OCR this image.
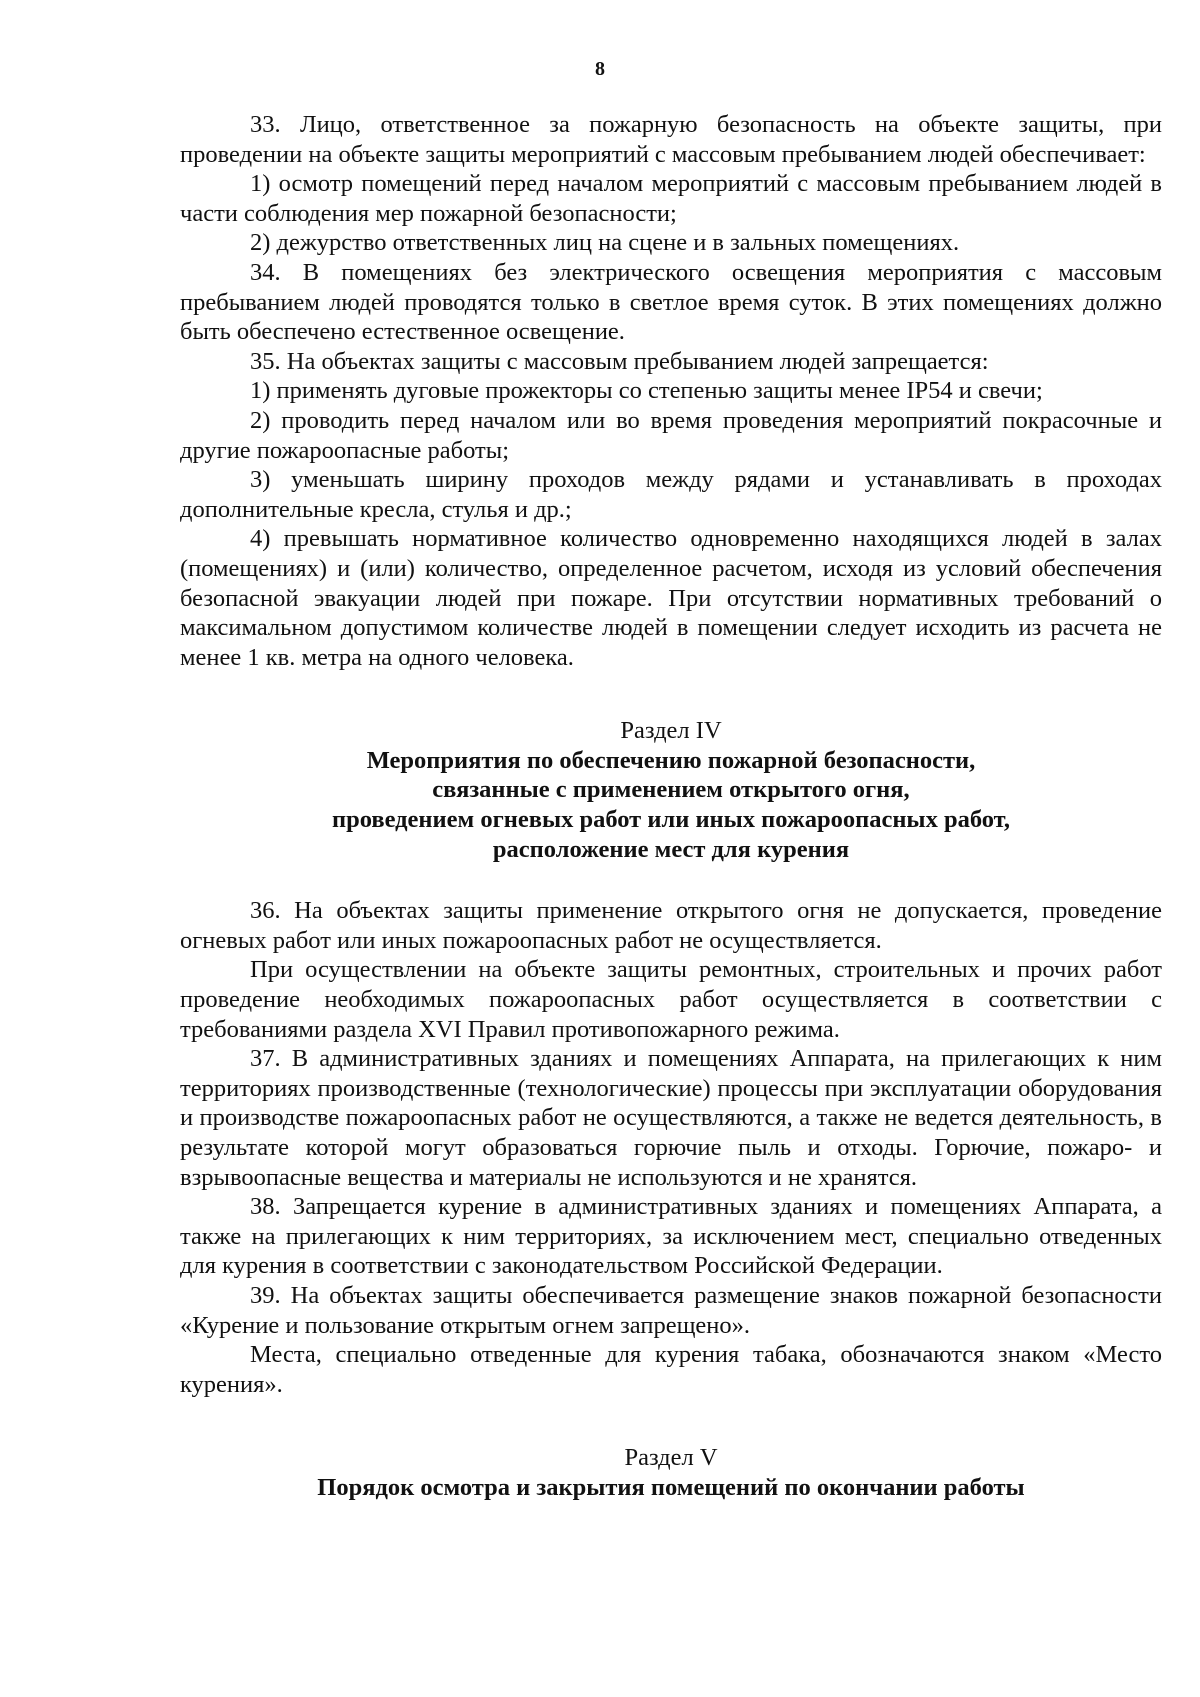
8

33. Лицо, ответственное за пожарную безопасность на объекте защиты, при проведении на объекте защиты мероприятий с массовым пребыванием людей обеспечивает:

1) осмотр помещений перед началом мероприятий с массовым пребыванием людей в части соблюдения мер пожарной безопасности;

2) дежурство ответственных лиц на сцене и в зальных помещениях.

34. В помещениях без электрического освещения мероприятия с массовым пребыванием людей проводятся только в светлое время суток. В этих помещениях должно быть обеспечено естественное освещение.

35. На объектах защиты с массовым пребыванием людей запрещается:

1) применять дуговые прожекторы со степенью защиты менее IP54 и свечи;

2) проводить перед началом или во время проведения мероприятий покрасочные и другие пожароопасные работы;

3) уменьшать ширину проходов между рядами и устанавливать в проходах дополнительные кресла, стулья и др.;

4) превышать нормативное количество одновременно находящихся людей в залах (помещениях) и (или) количество, определенное расчетом, исходя из условий обеспечения безопасной эвакуации людей при пожаре. При отсутствии нормативных требований о максимальном допустимом количестве людей в помещении следует исходить из расчета не менее 1 кв. метра на одного человека.

Раздел IV

Мероприятия по обеспечению пожарной безопасности,

связанные с применением открытого огня,

проведением огневых работ или иных пожароопасных работ,

расположение мест для курения

36. На объектах защиты применение открытого огня не допускается, проведение огневых работ или иных пожароопасных работ не осуществляется.

При осуществлении на объекте защиты ремонтных, строительных и прочих работ проведение необходимых пожароопасных работ осуществляется в соответствии с требованиями раздела XVI Правил противопожарного режима.

37. В административных зданиях и помещениях Аппарата, на прилегающих к ним территориях производственные (технологические) процессы при эксплуатации оборудования и производстве пожароопасных работ не осуществляются, а также не ведется деятельность, в результате которой могут образоваться горючие пыль и отходы. Горючие, пожаро- и взрывоопасные вещества и материалы не используются и не хранятся.

38. Запрещается курение в административных зданиях и помещениях Аппарата, а также на прилегающих к ним территориях, за исключением мест, специально отведенных для курения в соответствии с законодательством Российской Федерации.

39. На объектах защиты обеспечивается размещение знаков пожарной безопасности «Курение и пользование открытым огнем запрещено».

Места, специально отведенные для курения табака, обозначаются знаком «Место курения».

Раздел V

Порядок осмотра и закрытия помещений по окончании работы
